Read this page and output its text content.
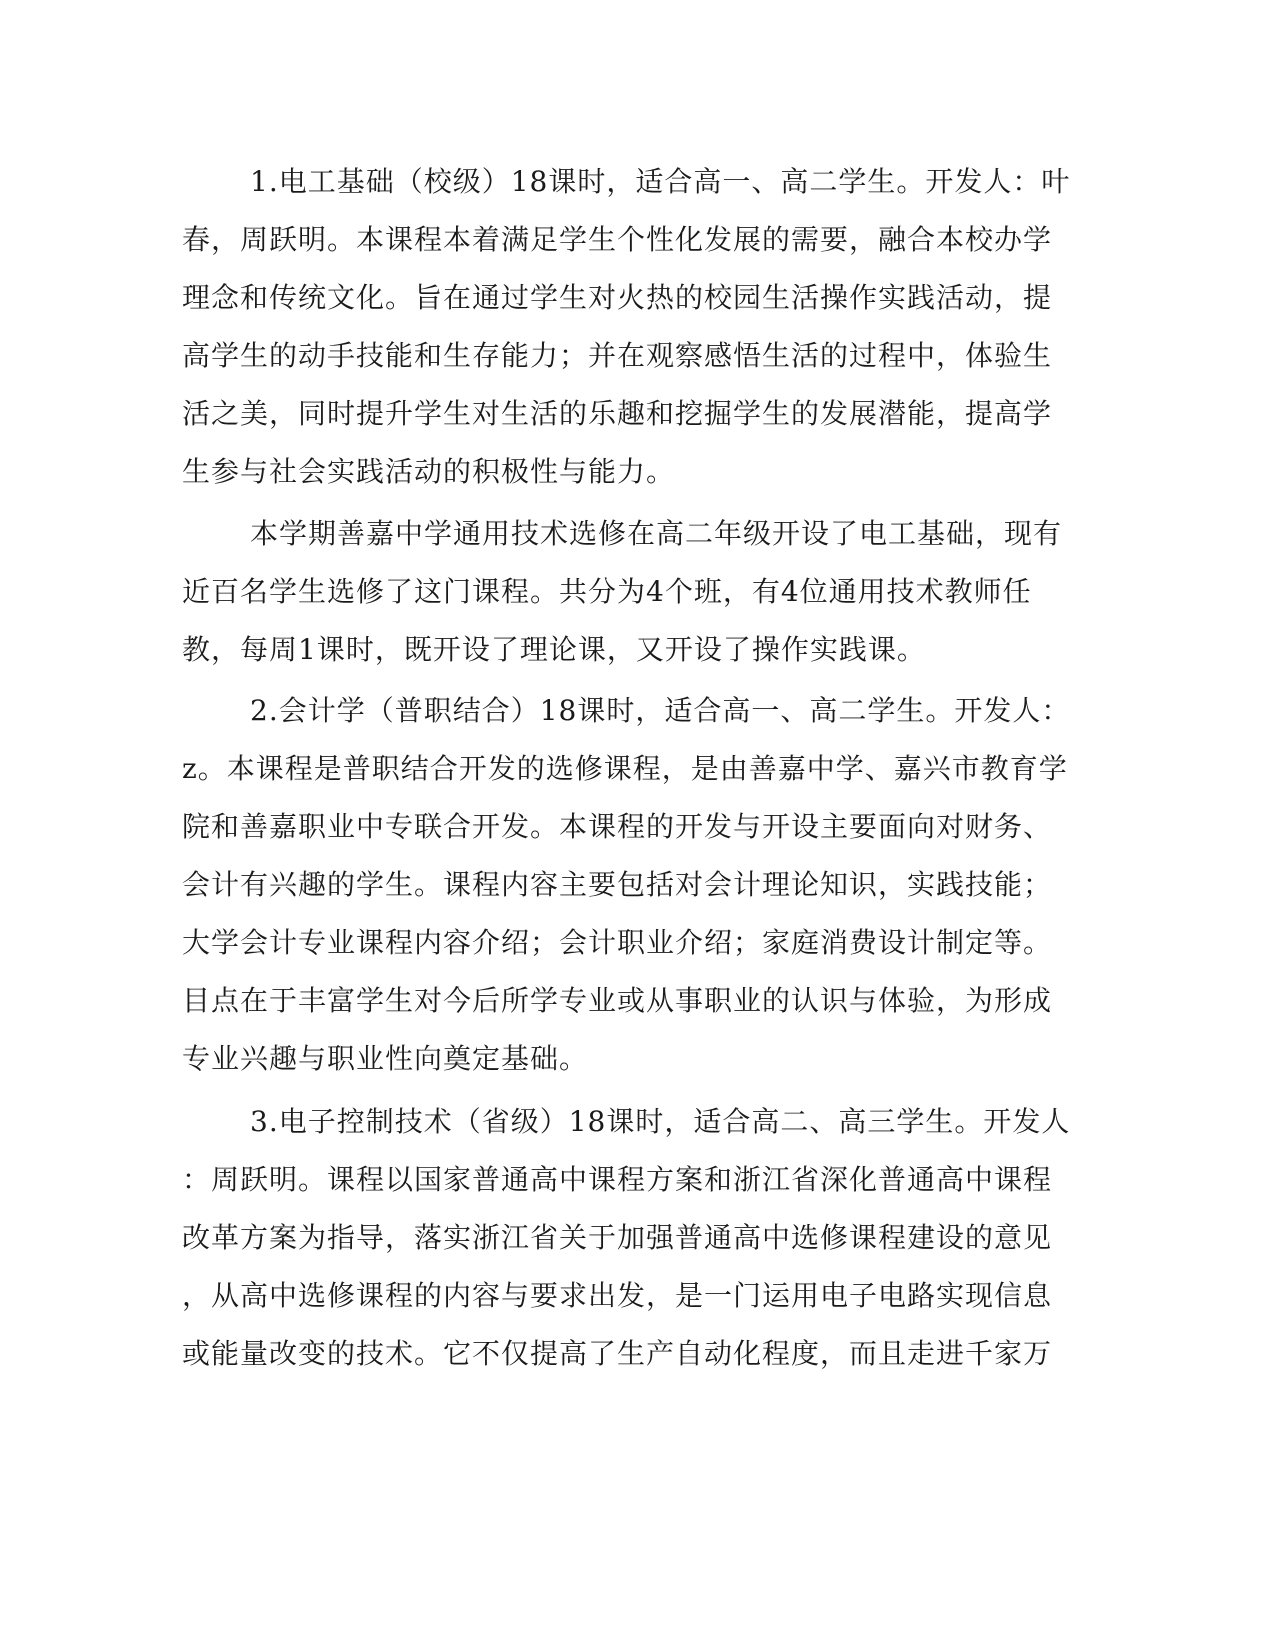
1.电工基础（校级）18课时，适合高一、高二学生。开发人：叶
春，周跃明。本课程本着满足学生个性化发展的需要，融合本校办学
理念和传统文化。旨在通过学生对火热的校园生活操作实践活动，提
高学生的动手技能和生存能力；并在观察感悟生活的过程中，体验生
活之美，同时提升学生对生活的乐趣和挖掘学生的发展潜能，提高学
生参与社会实践活动的积极性与能力。
本学期善嘉中学通用技术选修在高二年级开设了电工基础，现有
近百名学生选修了这门课程。共分为4个班，有4位通用技术教师任
教，每周1课时，既开设了理论课，又开设了操作实践课。
2.会计学（普职结合）18课时，适合高一、高二学生。开发人：
z。本课程是普职结合开发的选修课程，是由善嘉中学、嘉兴市教育学
院和善嘉职业中专联合开发。本课程的开发与开设主要面向对财务、
会计有兴趣的学生。课程内容主要包括对会计理论知识，实践技能；
大学会计专业课程内容介绍；会计职业介绍；家庭消费设计制定等。
目点在于丰富学生对今后所学专业或从事职业的认识与体验，为形成
专业兴趣与职业性向奠定基础。
3.电子控制技术（省级）18课时，适合高二、高三学生。开发人
：周跃明。课程以国家普通高中课程方案和浙江省深化普通高中课程
改革方案为指导，落实浙江省关于加强普通高中选修课程建设的意见
，从高中选修课程的内容与要求出发，是一门运用电子电路实现信息
或能量改变的技术。它不仅提高了生产自动化程度，而且走进千家万
